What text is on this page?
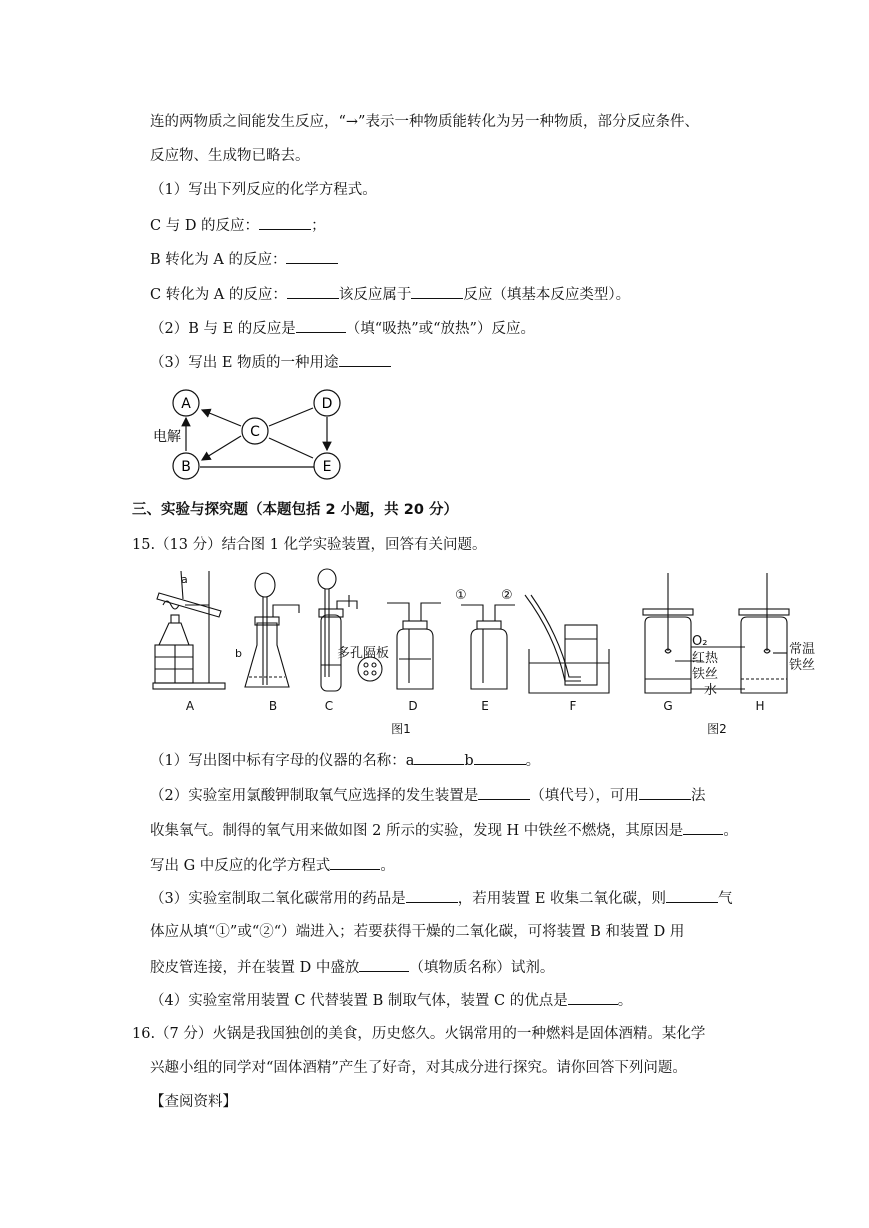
连的两物质之间能发生反应，“→”表示一种物质能转化为另一种物质，部分反应条件、
反应物、生成物已略去。
（1）写出下列反应的化学方程式。
C 与 D 的反应：	；
B 转化为 A 的反应：
C 转化为 A 的反应：	该反应属于	反应（填基本反应类型）。
（2）B 与 E 的反应是	（填“吸热”或“放热”）反应。
（3）写出 E 物质的一种用途
A
B
C
D
E
电解
三、实验与探究题（本题包括 2 小题，共 20 分）
15.（13 分）结合图 1 化学实验装置，回答有关问题。
a
b	多孔隔板
①	②
O₂
红热
铁丝
水
常温
铁丝
A	B	C	D	E	F	G	H
图1	图2
（1）写出图中标有字母的仪器的名称：a	b	。
（2）实验室用氯酸钾制取氧气应选择的发生装置是	（填代号），可用	法
收集氧气。制得的氧气用来做如图 2 所示的实验，发现 H 中铁丝不燃烧，其原因是	。
写出 G 中反应的化学方程式	。
（3）实验室制取二氧化碳常用的药品是	，若用装置 E 收集二氧化碳，则	气
体应从填“①”或“②“）端进入；若要获得干燥的二氧化碳，可将装置 B 和装置 D 用
胶皮管连接，并在装置 D 中盛放	（填物质名称）试剂。
（4）实验室常用装置 C 代替装置 B 制取气体，装置 C 的优点是	。
16.（7 分）火锅是我国独创的美食，历史悠久。火锅常用的一种燃料是固体酒精。某化学
兴趣小组的同学对“固体酒精”产生了好奇，对其成分进行探究。请你回答下列问题。
【查阅资料】
